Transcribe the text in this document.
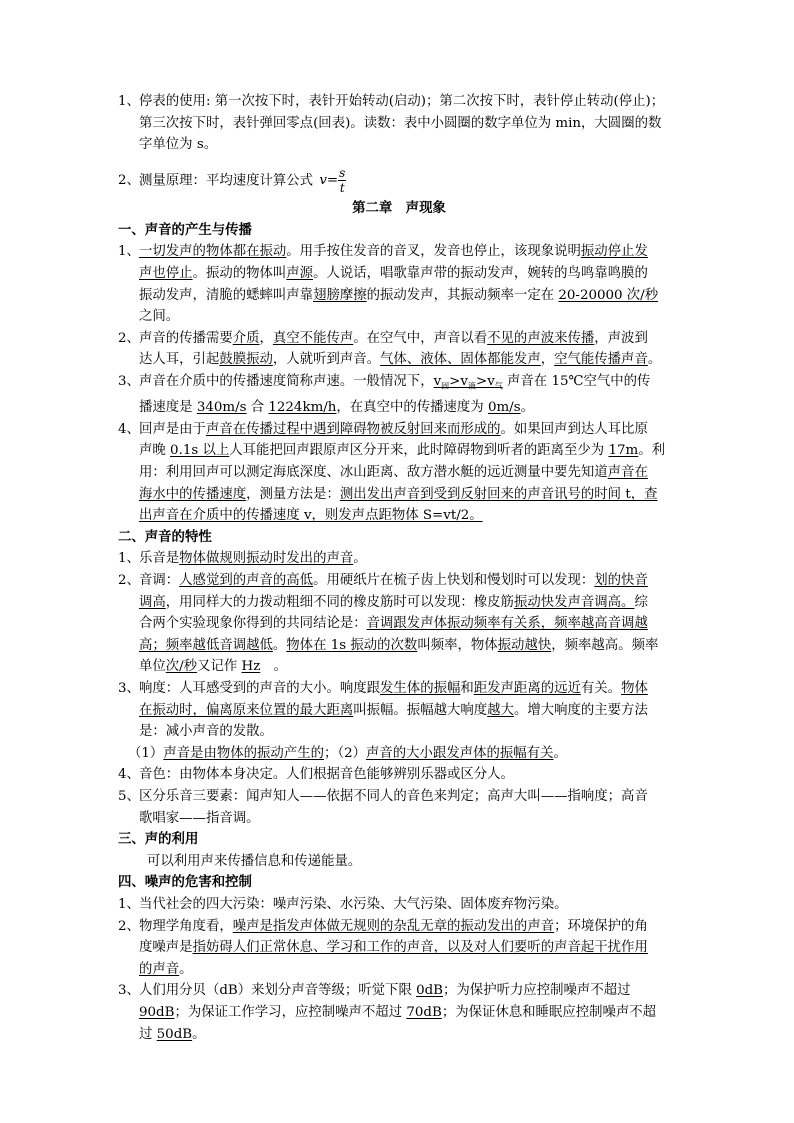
1、 停表的使用: 第一次按下时，表针开始转动(启动)；第二次按下时，表针停止转动(停止)；
第三次按下时，表针弹回零点(回表)。读数：表中小圆圈的数字单位为 min，大圆圈的数
字单位为 s。

2、 测量原理：平均速度计算公式 $v= \frac{s}{t}$

第二章　声现象

一、声音的产生与传播

1、 一切发声的物体都在振动。用手按住发音的音叉，发音也停止，该现象说明振动停止发
声也停止。振动的物体叫声源。人说话，唱歌靠声带的振动发声，婉转的鸟鸣靠鸣膜的
振动发声，清脆的蟋蟀叫声靠翅膀摩擦的振动发声，其振动频率一定在 20-20000 次/秒
之间。

2、 声音的传播需要介质，真空不能传声。在空气中，声音以看不见的声波来传播，声波到
达人耳，引起鼓膜振动，人就听到声音。气体、液体、固体都能发声，空气能传播声音。

3、 声音在介质中的传播速度简称声速。一般情况下，$v_固>v_液>v_气$ 声音在 15℃空气中的传
播速度是 340m/s 合 1224km/h，在真空中的传播速度为 0m/s。

4、 回声是由于声音在传播过程中遇到障碍物被反射回来而形成的。如果回声到达人耳比原
声晚 0.1s 以上人耳能把回声跟原声区分开来，此时障碍物到听者的距离至少为 17m。利
用：利用回声可以测定海底深度、冰山距离、敌方潜水艇的远近测量中要先知道声音在
海水中的传播速度，测量方法是：测出发出声音到受到反射回来的声音讯号的时间 t，查
出声音在介质中的传播速度 v，则发声点距物体 S=vt/2。

二、声音的特性

1、 乐音是物体做规则振动时发出的声音。

2、 音调：人感觉到的声音的高低。用硬纸片在梳子齿上快划和慢划时可以发现：划的快音
调高，用同样大的力拨动粗细不同的橡皮筋时可以发现：橡皮筋振动快发声音调高。综
合两个实验现象你得到的共同结论是：音调跟发声体振动频率有关系，频率越高音调越
高；频率越低音调越低。物体在 1s 振动的次数叫频率，物体振动越快，频率越高。频率
单位次/秒又记作 Hz　。

3、 响度：人耳感受到的声音的大小。响度跟发生体的振幅和距发声距离的远近有关。物体
在振动时，偏离原来位置的最大距离叫振幅。振幅越大响度越大。增大响度的主要方法
是：减小声音的发散。

（1）声音是由物体的振动产生的；（2）声音的大小跟发声体的振幅有关。

4、 音色：由物体本身决定。人们根据音色能够辨别乐器或区分人。

5、 区分乐音三要素：闻声知人——依据不同人的音色来判定；高声大叫——指响度；高音
歌唱家——指音调。

三、声的利用

可以利用声来传播信息和传递能量。

四、噪声的危害和控制

1、 当代社会的四大污染：噪声污染、水污染、大气污染、固体废弃物污染。

2、 物理学角度看，噪声是指发声体做无规则的杂乱无章的振动发出的声音；环境保护的角
度噪声是指妨碍人们正常休息、学习和工作的声音，以及对人们要听的声音起干扰作用
的声音。

3、 人们用分贝（dB）来划分声音等级；听觉下限 0dB；为保护听力应控制噪声不超过
90dB；为保证工作学习，应控制噪声不超过 70dB；为保证休息和睡眠应控制噪声不超
过 50dB。
